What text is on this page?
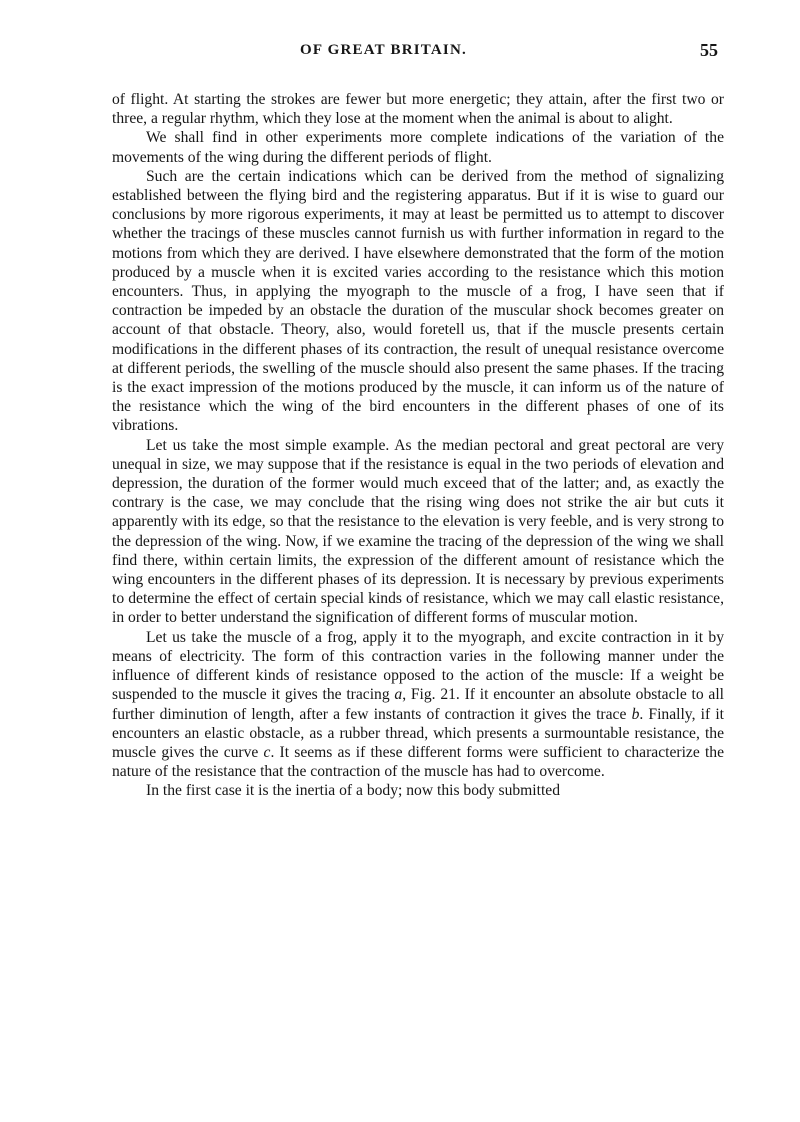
OF GREAT BRITAIN.	55

of flight. At starting the strokes are fewer but more energetic; they attain, after the first two or three, a regular rhythm, which they lose at the moment when the animal is about to alight.

We shall find in other experiments more complete indications of the variation of the movements of the wing during the different periods of flight.

Such are the certain indications which can be derived from the method of signalizing established between the flying bird and the registering apparatus. But if it is wise to guard our conclusions by more rigorous experiments, it may at least be permitted us to attempt to discover whether the tracings of these muscles cannot furnish us with further information in regard to the motions from which they are derived. I have elsewhere demonstrated that the form of the motion produced by a muscle when it is excited varies according to the resistance which this motion encounters. Thus, in applying the myograph to the muscle of a frog, I have seen that if contraction be impeded by an obstacle the duration of the muscular shock becomes greater on account of that obstacle. Theory, also, would foretell us, that if the muscle presents certain modifications in the different phases of its contraction, the result of unequal resistance overcome at different periods, the swelling of the muscle should also present the same phases. If the tracing is the exact impression of the motions produced by the muscle, it can inform us of the nature of the resistance which the wing of the bird encounters in the different phases of one of its vibrations.

Let us take the most simple example. As the median pectoral and great pectoral are very unequal in size, we may suppose that if the resistance is equal in the two periods of elevation and depression, the duration of the former would much exceed that of the latter; and, as exactly the contrary is the case, we may conclude that the rising wing does not strike the air but cuts it apparently with its edge, so that the resistance to the elevation is very feeble, and is very strong to the depression of the wing. Now, if we examine the tracing of the depression of the wing we shall find there, within certain limits, the expression of the different amount of resistance which the wing encounters in the different phases of its depression. It is necessary by previous experiments to determine the effect of certain special kinds of resistance, which we may call elastic resistance, in order to better understand the signification of different forms of muscular motion.

Let us take the muscle of a frog, apply it to the myograph, and excite contraction in it by means of electricity. The form of this contraction varies in the following manner under the influence of different kinds of resistance opposed to the action of the muscle: If a weight be suspended to the muscle it gives the tracing a, Fig. 21. If it encounter an absolute obstacle to all further diminution of length, after a few instants of contraction it gives the trace b. Finally, if it encounters an elastic obstacle, as a rubber thread, which presents a surmountable resistance, the muscle gives the curve c. It seems as if these different forms were sufficient to characterize the nature of the resistance that the contraction of the muscle has had to overcome.

In the first case it is the inertia of a body; now this body submitted
